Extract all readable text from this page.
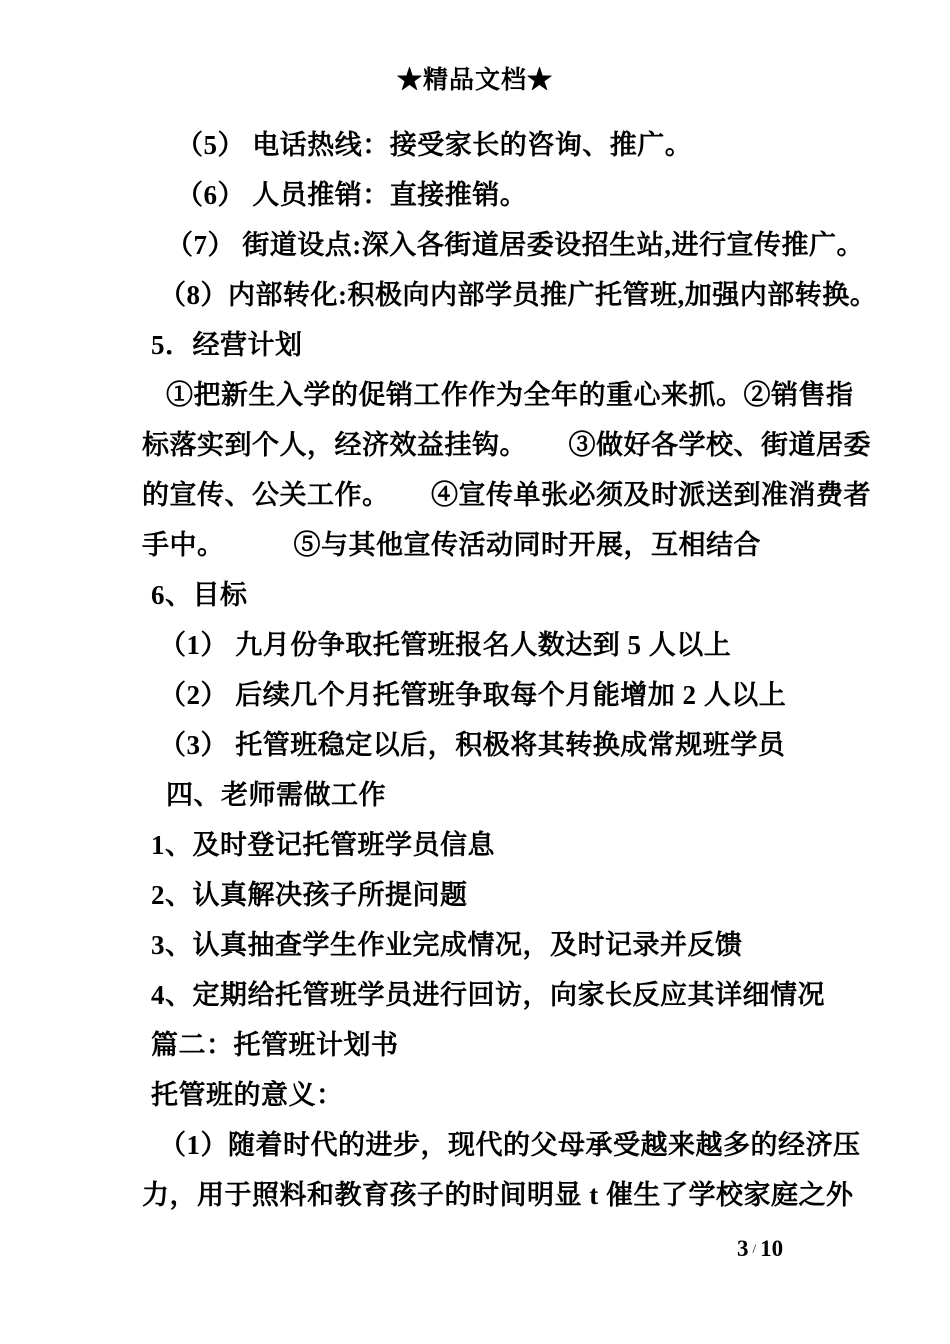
★精品文档★
（5） 电话热线：接受家长的咨询、推广。
（6） 人员推销：直接推销。
（7） 街道设点:深入各街道居委设招生站,进行宣传推广。
（8）内部转化:积极向内部学员推广托管班,加强内部转换。
5．经营计划
①把新生入学的促销工作作为全年的重心来抓。②销售指
标落实到个人，经济效益挂钩。　　③做好各学校、街道居委
的宣传、公关工作。　　④宣传单张必须及时派送到准消费者
手中。　　　⑤与其他宣传活动同时开展，互相结合
6、目标
（1） 九月份争取托管班报名人数达到 5 人以上
（2） 后续几个月托管班争取每个月能增加 2 人以上
（3） 托管班稳定以后，积极将其转换成常规班学员
四、老师需做工作
1、及时登记托管班学员信息
2、认真解决孩子所提问题
3、认真抽查学生作业完成情况，及时记录并反馈
4、定期给托管班学员进行回访，向家长反应其详细情况
篇二：托管班计划书
托管班的意义：
（1）随着时代的进步，现代的父母承受越来越多的经济压
力，用于照料和教育孩子的时间明显 t 催生了学校家庭之外
3 / 10
